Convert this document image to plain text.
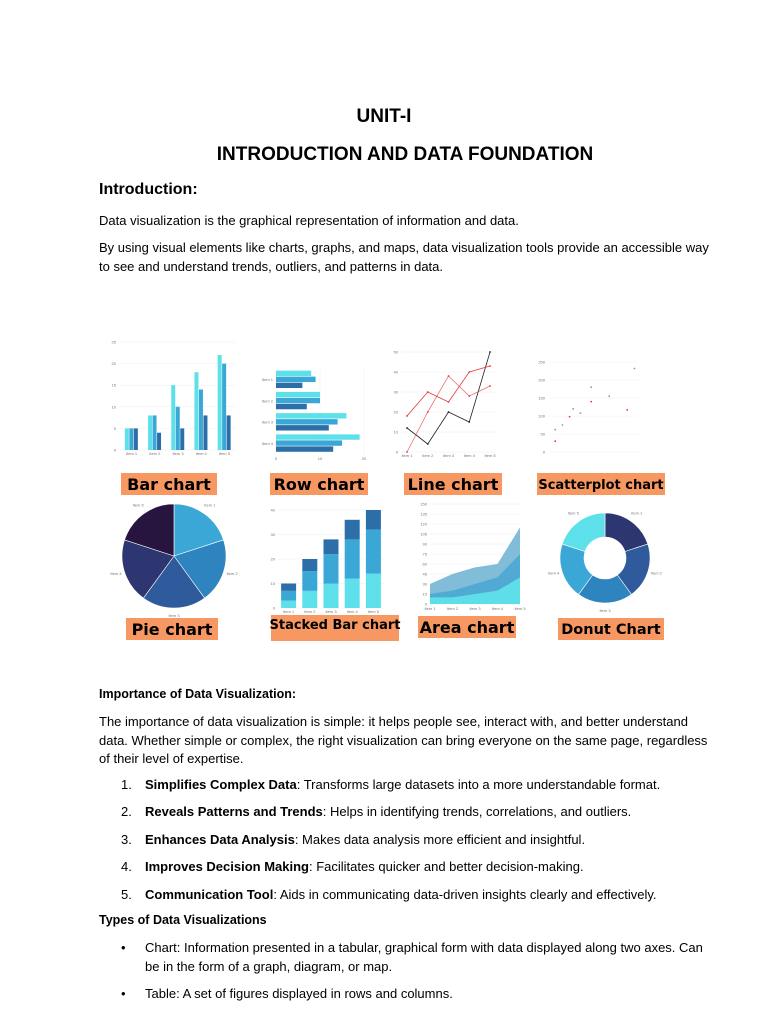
UNIT-I
INTRODUCTION AND DATA FOUNDATION
Introduction:

Data visualization is the graphical representation of information and data.

By using visual elements like charts, graphs, and maps, data visualization tools provide an accessible way to see and understand trends, outliers, and patterns in data.

0
5
10
15
20
25
Item 1	Item 2	Item 3	Item 4	Item 5
Bar chart
0	10	20
Item 1
Item 2
Item 3
Item 4
Row chart
0
10
20
30
40
50
Item 1 Item 2 Item 3 Item 4 Item 5
Line chart
0
50
100
150
200
250
Scatterplot chart
Item 1
Item 2
Item 3
Item 4
Item 5
Pie chart
0
10
20
30
40
Item 1	Item 2	Item 3	Item 4	Item 5
Stacked Bar chart
0
15
30
45
60
75
90
105
120
135
150
Item 1	Item 2	Item 3	Item 4	Item 5
Area chart
Item 1
Item 2
Item 3
Item 4
Item 5
Donut Chart
Importance of Data Visualization:

The importance of data visualization is simple: it helps people see, interact with, and better understand data. Whether simple or complex, the right visualization can bring everyone on the same page, regardless of their level of expertise.

1. Simplifies Complex Data: Transforms large datasets into a more understandable format.
2. Reveals Patterns and Trends: Helps in identifying trends, correlations, and outliers.
3. Enhances Data Analysis: Makes data analysis more efficient and insightful.
4. Improves Decision Making: Facilitates quicker and better decision-making.
5. Communication Tool: Aids in communicating data-driven insights clearly and effectively.
Types of Data Visualizations
• Chart: Information presented in a tabular, graphical form with data displayed along two axes. Can be in the form of a graph, diagram, or map.
• Table: A set of figures displayed in rows and columns.
